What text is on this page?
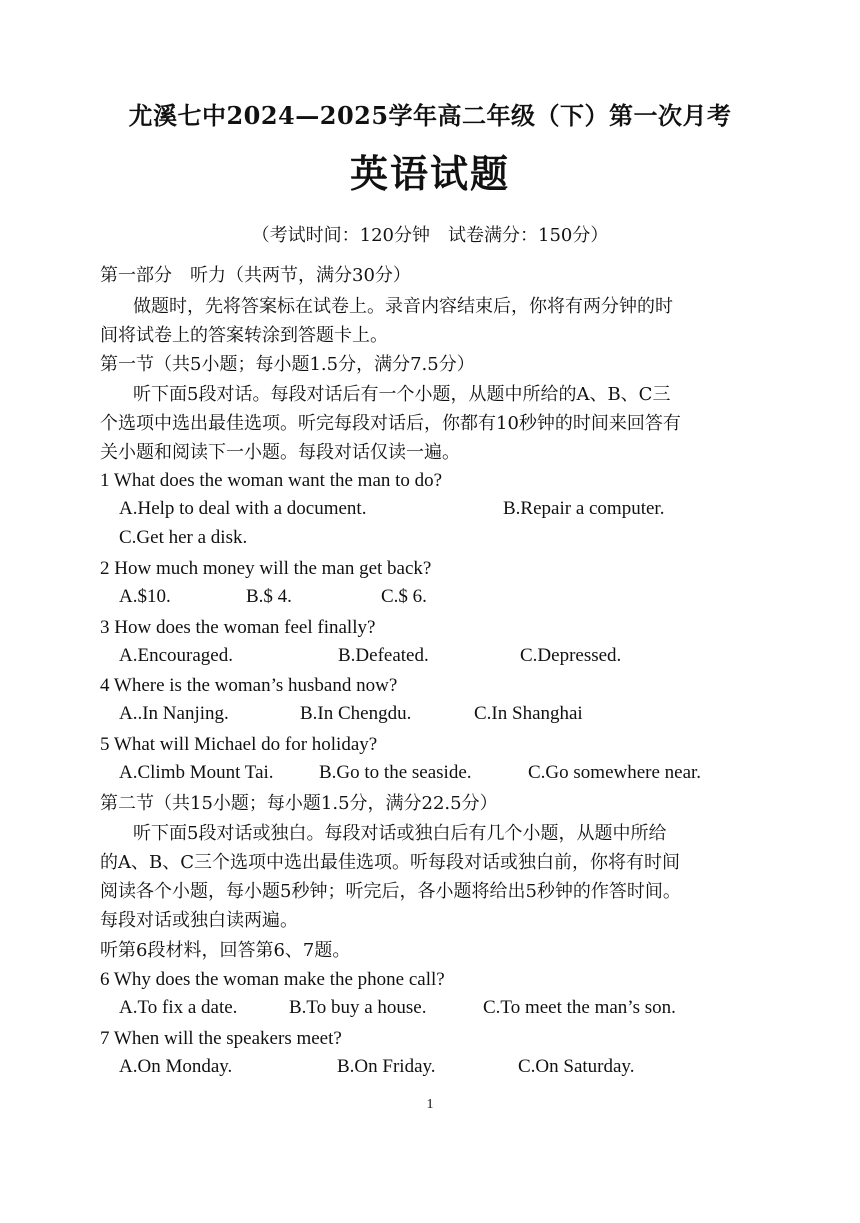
尤溪七中2024—2025学年高二年级（下）第一次月考
英语试题
（考试时间：120分钟　试卷满分：150分）
第一部分　听力（共两节，满分30分）
做题时，先将答案标在试卷上。录音内容结束后，你将有两分钟的时
间将试卷上的答案转涂到答题卡上。
第一节（共5小题；每小题1.5分，满分7.5分）
听下面5段对话。每段对话后有一个小题，从题中所给的A、B、C三
个选项中选出最佳选项。听完每段对话后，你都有10秒钟的时间来回答有
关小题和阅读下一小题。每段对话仅读一遍。
1 What does the woman want the man to do?
A.Help to deal with a document.	B.Repair a computer.
C.Get her a disk.
2 How much money will the man get back?
A.$10.	B.$ 4.	C.$ 6.
3 How does the woman feel finally?
A.Encouraged.	B.Defeated.	C.Depressed.
4 Where is the woman’s husband now?
A..In Nanjing.	B.In Chengdu.	C.In Shanghai
5 What will Michael do for holiday?
A.Climb Mount Tai. B.Go to the seaside.	C.Go somewhere near.
第二节（共15小题；每小题1.5分，满分22.5分）
听下面5段对话或独白。每段对话或独白后有几个小题，从题中所给
的A、B、C三个选项中选出最佳选项。听每段对话或独白前，你将有时间
阅读各个小题，每小题5秒钟；听完后，各小题将给出5秒钟的作答时间。
每段对话或独白读两遍。
听第6段材料，回答第6、7题。
6 Why does the woman make the phone call?
A.To fix a date.	B.To buy a house.	C.To meet the man’s son.
7 When will the speakers meet?
A.On Monday.	B.On Friday.	C.On Saturday.
1
